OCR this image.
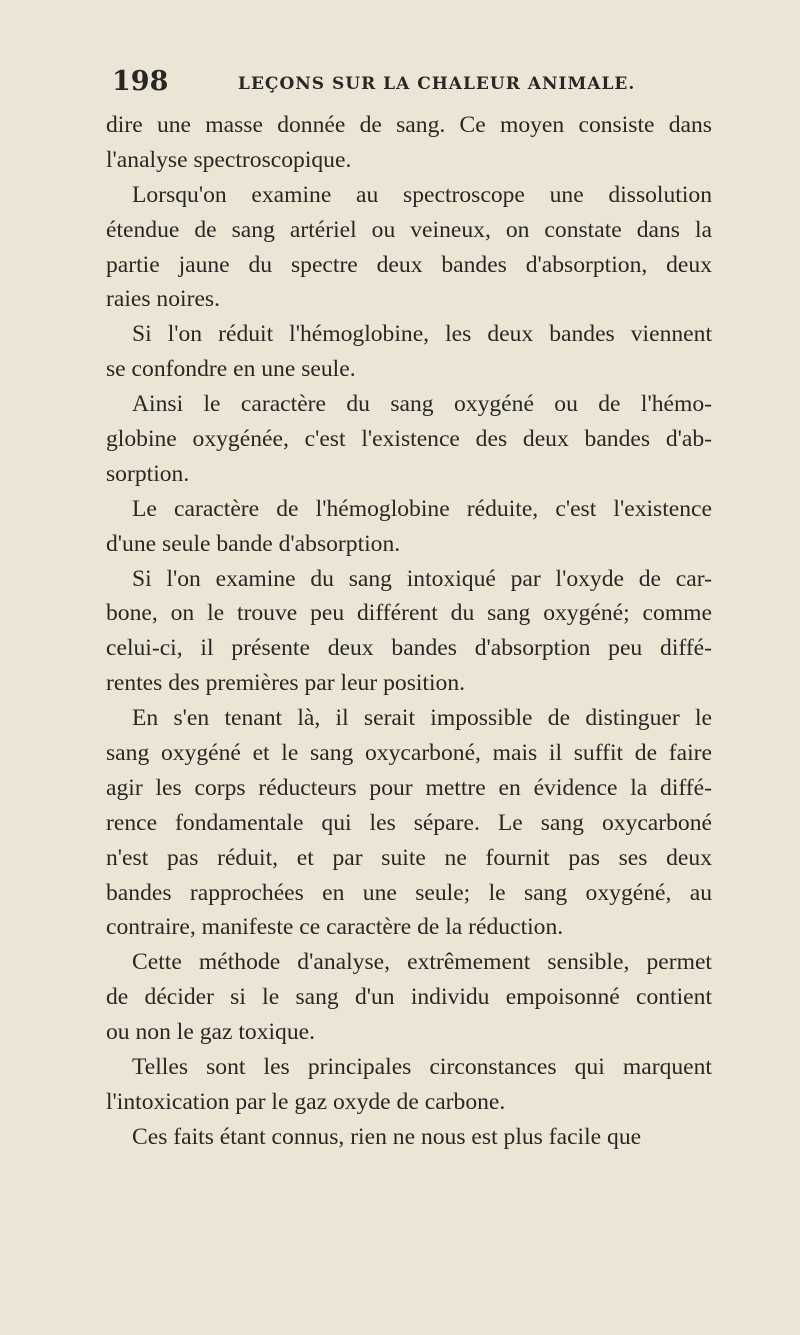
198	LEÇONS SUR LA CHALEUR ANIMALE.
dire une masse donnée de sang. Ce moyen consiste dans
l'analyse spectroscopique.
Lorsqu'on examine au spectroscope une dissolution
étendue de sang artériel ou veineux, on constate dans la
partie jaune du spectre deux bandes d'absorption, deux
raies noires.
Si l'on réduit l'hémoglobine, les deux bandes viennent
se confondre en une seule.
Ainsi le caractère du sang oxygéné ou de l'hémo-
globine oxygénée, c'est l'existence des deux bandes d'ab-
sorption.
Le caractère de l'hémoglobine réduite, c'est l'existence
d'une seule bande d'absorption.
Si l'on examine du sang intoxiqué par l'oxyde de car-
bone, on le trouve peu différent du sang oxygéné; comme
celui-ci, il présente deux bandes d'absorption peu diffé-
rentes des premières par leur position.
En s'en tenant là, il serait impossible de distinguer le
sang oxygéné et le sang oxycarboné, mais il suffit de faire
agir les corps réducteurs pour mettre en évidence la diffé-
rence fondamentale qui les sépare. Le sang oxycarboné
n'est pas réduit, et par suite ne fournit pas ses deux
bandes rapprochées en une seule; le sang oxygéné, au
contraire, manifeste ce caractère de la réduction.
Cette méthode d'analyse, extrêmement sensible, permet
de décider si le sang d'un individu empoisonné contient
ou non le gaz toxique.
Telles sont les principales circonstances qui marquent
l'intoxication par le gaz oxyde de carbone.
Ces faits étant connus, rien ne nous est plus facile que
